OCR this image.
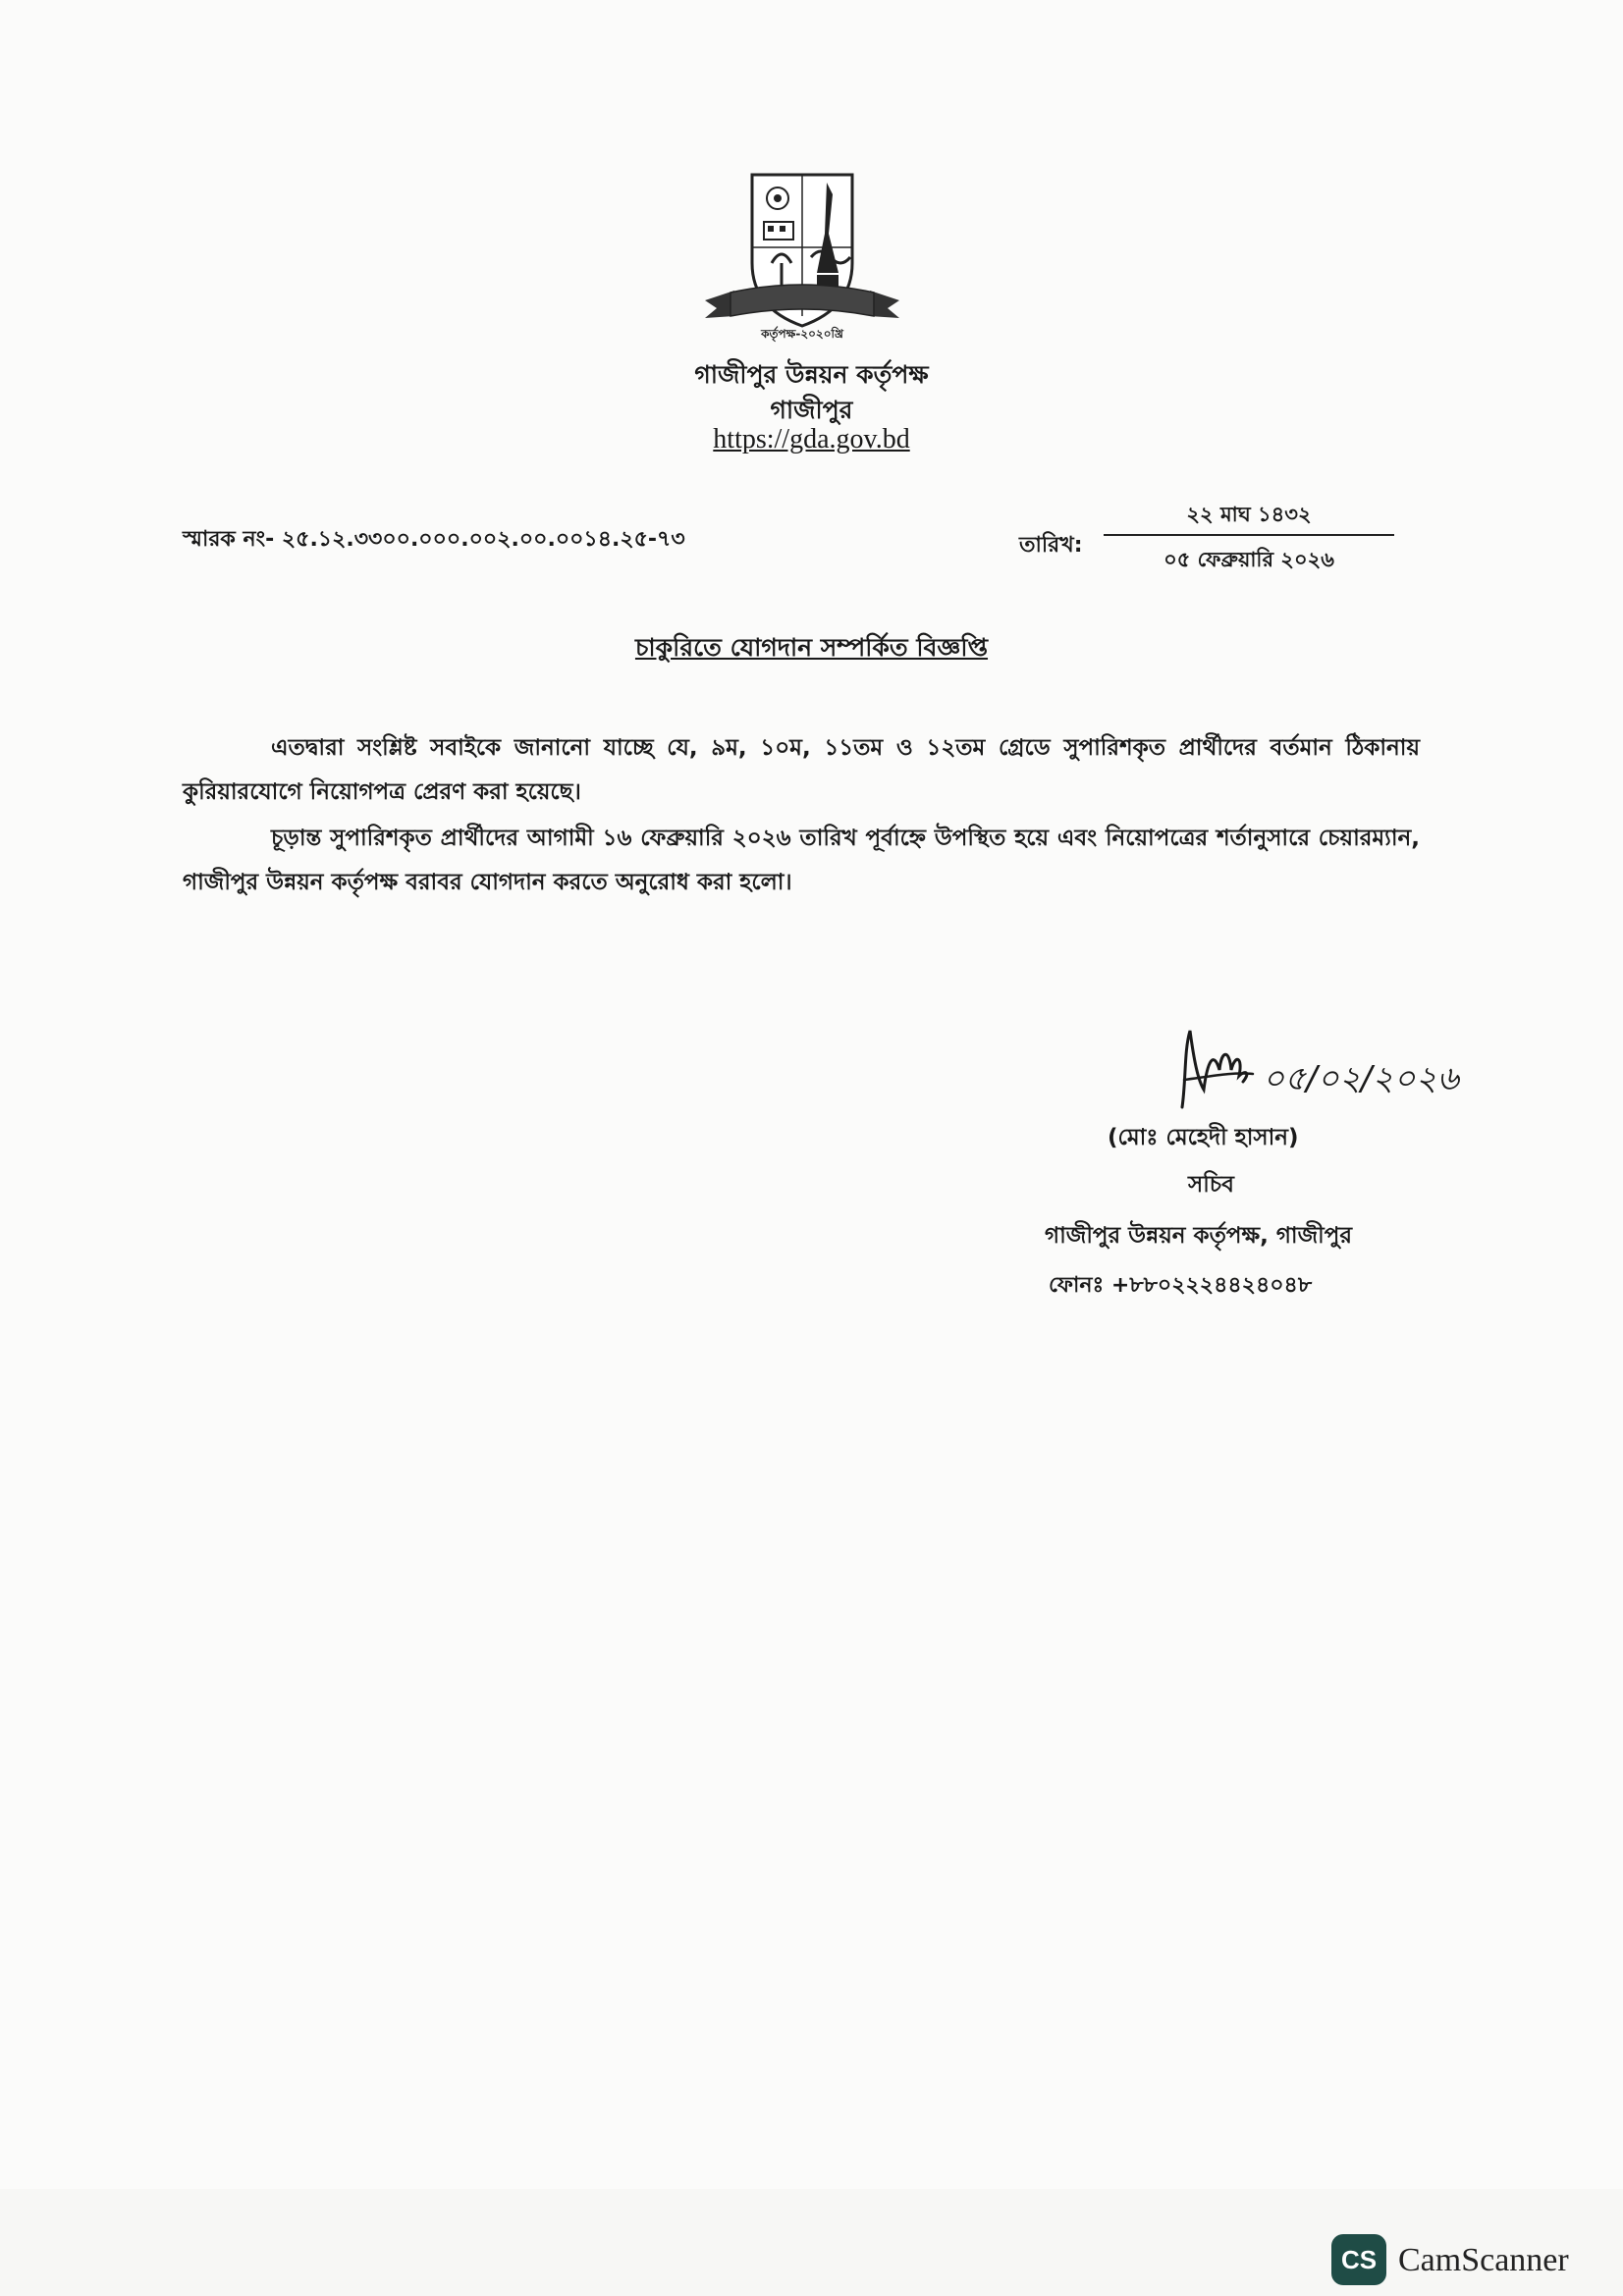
কর্তৃপক্ষ-২০২০খ্রি
গাজীপুর উন্নয়ন কর্তৃপক্ষ
গাজীপুর
https://gda.gov.bd
স্মারক নং- ২৫.১২.৩৩০০.০০০.০০২.০০.০০১৪.২৫-৭৩	তারিখ:
২২ মাঘ ১৪৩২
০৫ ফেব্রুয়ারি ২০২৬
চাকুরিতে যোগদান সম্পর্কিত বিজ্ঞপ্তি

এতদ্বারা সংশ্লিষ্ট সবাইকে জানানো যাচ্ছে যে, ৯ম, ১০ম, ১১তম ও ১২তম গ্রেডে সুপারিশকৃত প্রার্থীদের বর্তমান ঠিকানায় কুরিয়ারযোগে নিয়োগপত্র প্রেরণ করা হয়েছে।

চূড়ান্ত সুপারিশকৃত প্রার্থীদের আগামী ১৬ ফেব্রুয়ারি ২০২৬ তারিখ পূর্বাহ্নে উপস্থিত হয়ে এবং নিয়োপত্রের শর্তানুসারে চেয়ারম্যান, গাজীপুর উন্নয়ন কর্তৃপক্ষ বরাবর যোগদান করতে অনুরোধ করা হলো।

০৫/০২/২০২৬
(মোঃ মেহেদী হাসান)
সচিব
গাজীপুর উন্নয়ন কর্তৃপক্ষ, গাজীপুর
ফোনঃ +৮৮০২২২৪৪২৪০৪৮
CS CamScanner
